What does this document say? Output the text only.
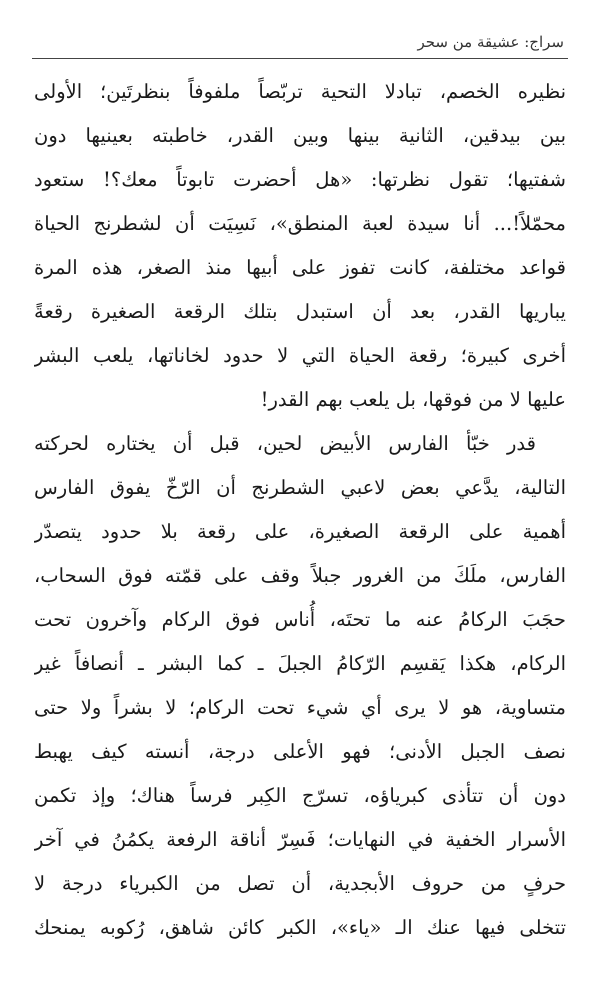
سراج: عشيقة من سحر

نظيره الخصم، تبادلا التحية تربّصاً ملفوفاً بنظرتَين؛ الأولى
بين بيدقين، الثانية بينها وبين القدر، خاطبته بعينيها دون
شفتيها؛ تقول نظرتها: «هل أحضرت تابوتاً معك؟! ستعود
محمّلاً!... أنا سيدة لعبة المنطق»، نَسِيَت أن لشطرنج الحياة
قواعد مختلفة، كانت تفوز على أبيها منذ الصغر، هذه المرة
يباريها القدر، بعد أن استبدل بتلك الرقعة الصغيرة رقعةً
أخرى كبيرة؛ رقعة الحياة التي لا حدود لخاناتها، يلعب البشر
عليها لا من فوقها، بل يلعب بهم القدر!

قدر خبّأ الفارس الأبيض لحين، قبل أن يختاره لحركته
التالية، يدَّعي بعض لاعبي الشطرنج أن الرّخّ يفوق الفارس
أهمية على الرقعة الصغيرة، على رقعة بلا حدود يتصدّر
الفارس، ملَكَ من الغرور جبلاً وقف على قمّته فوق السحاب،
حجَبَ الركامُ عنه ما تحتَه، أُناس فوق الركام وآخرون تحت
الركام، هكذا يَقسِم الرّكامُ الجبلَ ـ كما البشر ـ أنصافاً غير
متساوية، هو لا يرى أي شيء تحت الركام؛ لا بشراً ولا حتى
نصف الجبل الأدنى؛ فهو الأعلى درجة، أنسته كيف يهبط
دون أن تتأذى كبرياؤه، تسرّج الكِبر فرساً هناك؛ وإذ تكمن
الأسرار الخفية في النهايات؛ فَسِرّ أناقة الرفعة يكمُنُ في آخر
حرفٍ من حروف الأبجدية، أن تصل من الكبرياء درجة لا
تتخلى فيها عنك الـ «ياء»، الكبر كائن شاهق، رُكوبه يمنحك
